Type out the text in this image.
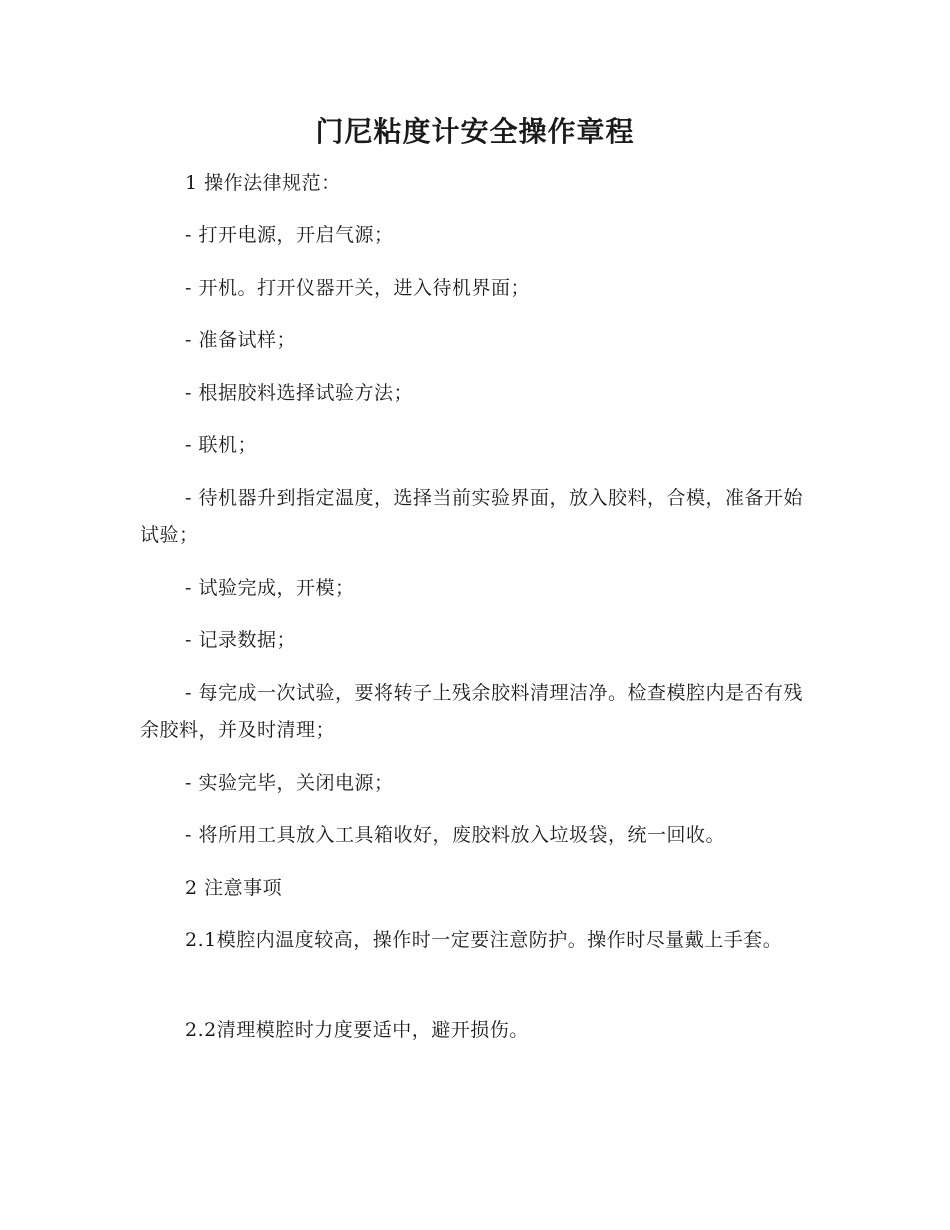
门尼粘度计安全操作章程

1 操作法律规范：

- 打开电源，开启气源；

- 开机。打开仪器开关，进入待机界面；

- 准备试样；

- 根据胶料选择试验方法；

- 联机；

- 待机器升到指定温度，选择当前实验界面，放入胶料，合模，准备开始试验；

- 试验完成，开模；

- 记录数据；

- 每完成一次试验，要将转子上残余胶料清理洁净。检查模腔内是否有残余胶料，并及时清理；

- 实验完毕，关闭电源；

- 将所用工具放入工具箱收好，废胶料放入垃圾袋，统一回收。

2 注意事项

2.1模腔内温度较高，操作时一定要注意防护。操作时尽量戴上手套。

2.2清理模腔时力度要适中，避开损伤。
